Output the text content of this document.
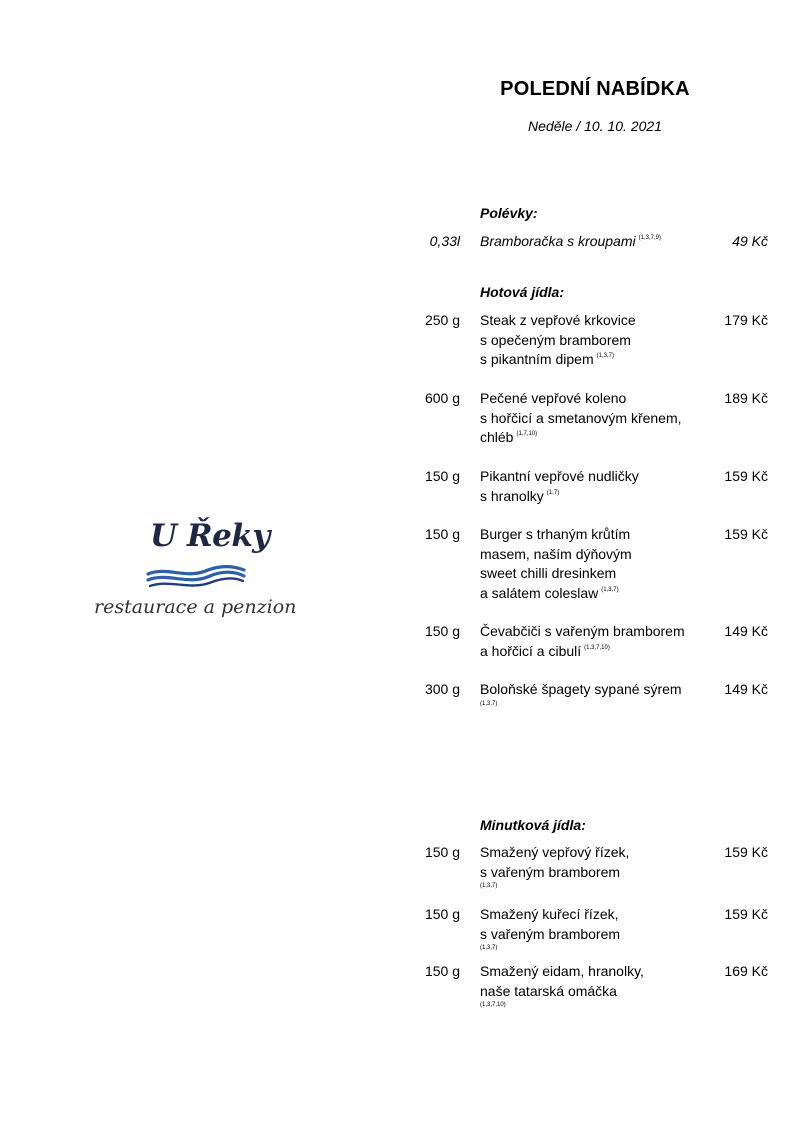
POLEDNÍ NABÍDKA
Neděle / 10. 10. 2021
U Řeky
restaurace a penzion
Polévky:
0,33l Bramboračka s kroupami $^{(1,3,7,9)}$	49 Kč
Hotová jídla:
250 g Steak z vepřové krkovice
s opečeným bramborem
s pikantním dipem $^{(1,3,7)}$
179 Kč
600 g Pečené vepřové koleno
s hořčicí a smetanovým křenem,
chléb $^{(1,7,10)}$
189 Kč
150 g Pikantní vepřové nudličky
s hranolky $^{(1,7)}$
159 Kč
150 g Burger s trhaným krůtím
masem, naším dýňovým
sweet chilli dresinkem
a salátem coleslaw $^{(1,3,7)}$
159 Kč
150 g Čevabčiči s vařeným bramborem
a hořčicí a cibulí $^{(1,3,7,10)}$
149 Kč
300 g Boloňské špagety sypané sýrem
(1,3,7)
149 Kč
Minutková jídla:
150 g Smažený vepřový řízek,
s vařeným bramborem
(1,3,7)
159 Kč
150 g Smažený kuřecí řízek,
s vařeným bramborem
(1,3,7)
159 Kč
150 g Smažený eidam, hranolky,
naše tatarská omáčka
(1,3,7,10)
169 Kč
